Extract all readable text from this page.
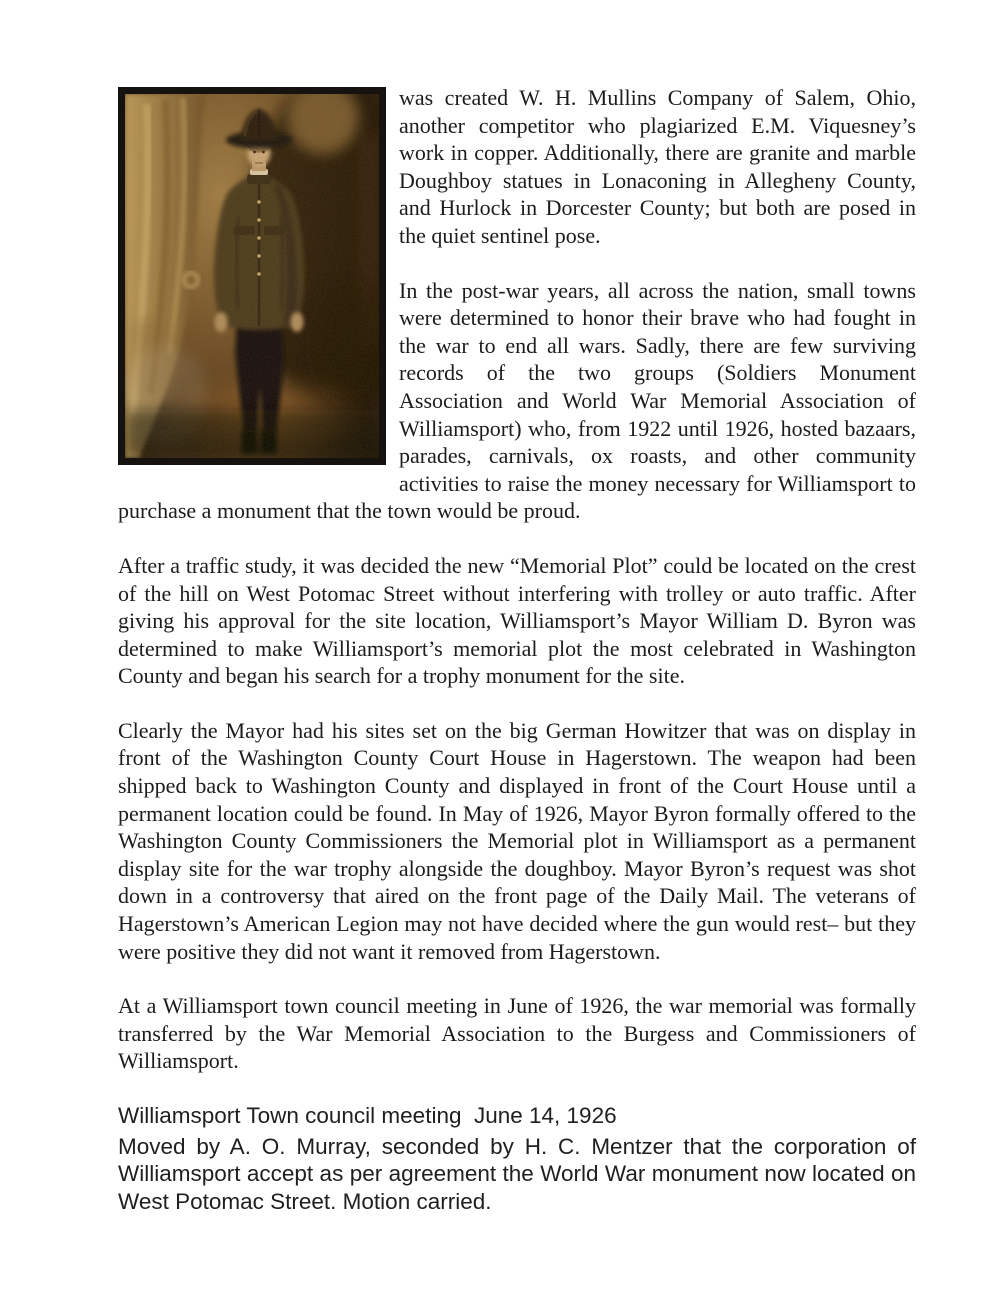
was created W. H. Mullins Company of Salem, Ohio, another competitor who plagiarized E.M. Viquesney’s work in copper. Additionally, there are granite and marble Doughboy statues in Lonaconing in Allegheny County, and Hurlock in Dorcester County; but both are posed in the quiet sentinel pose.

In the post-war years, all across the nation, small towns were determined to honor their brave who had fought in the war to end all wars. Sadly, there are few surviving records of the two groups (Soldiers Monument Association and World War Memorial Association of Williamsport) who, from 1922 until 1926, hosted bazaars, parades, carnivals, ox roasts, and other community activities to raise the money necessary for Williamsport to purchase a monument that the town would be proud.

After a traffic study, it was decided the new “Memorial Plot” could be located on the crest of the hill on West Potomac Street without interfering with trolley or auto traffic. After giving his approval for the site location, Williamsport’s Mayor William D. Byron was determined to make Williamsport’s memorial plot the most celebrated in Washington County and began his search for a trophy monument for the site.

Clearly the Mayor had his sites set on the big German Howitzer that was on display in front of the Washington County Court House in Hagerstown. The weapon had been shipped back to Washington County and displayed in front of the Court House until a permanent location could be found. In May of 1926, Mayor Byron formally offered to the Washington County Commissioners the Memorial plot in Williamsport as a permanent display site for the war trophy alongside the doughboy. Mayor Byron’s request was shot down in a controversy that aired on the front page of the Daily Mail. The veterans of Hagerstown’s American Legion may not have decided where the gun would rest– but they were positive they did not want it removed from Hagerstown.

At a Williamsport town council meeting in June of 1926, the war memorial was formally transferred by the War Memorial Association to the Burgess and Commissioners of Williamsport.

Williamsport Town council meeting  June 14, 1926

Moved by A. O. Murray, seconded by H. C. Mentzer that the corporation of Williamsport accept as per agreement the World War monument now located on West Potomac Street. Motion carried.
